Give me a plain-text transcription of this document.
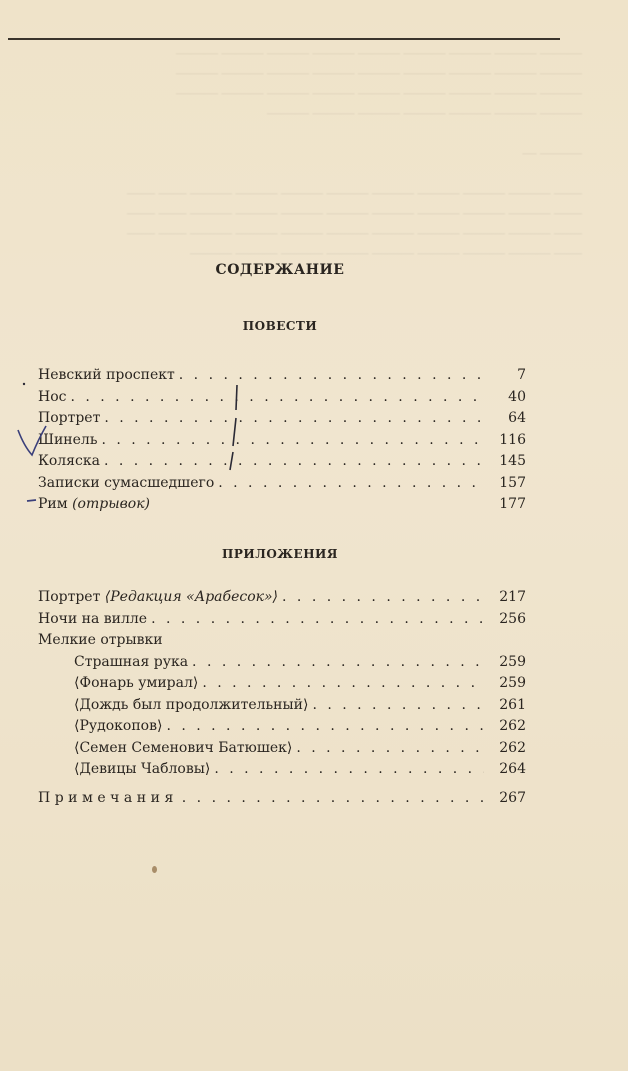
——— ——— ——— ——— ——— ——— ——— ——— ———
——— ——— ——— ——— ——— ——— ——— ——— ———
——— ——— ——— ——— ——— ——— ——— ——— ———
——— ——— ——— ——— ——— ——— ———

——— —

—— ——— ——— ——— ——— ——— ——— ——— ——— —— ——
—— ——— ——— ——— ——— ——— ——— ——— ——— —— ——
—— ——— ——— ——— ——— ——— ——— ——— ——— —— ——
—— ——— ——— ——— ——— ——— ——— ——— ———
СОДЕРЖАНИЕ
ПОВЕСТИ
Невский проспект . . .	7
Нос . . .	40
Портрет . . .	64
Шинель . . .	116
Коляска . . .	145
Записки сумасшедшего . . .	157
Рим (отрывок)	177
ПРИЛОЖЕНИЯ
Портрет ⟨Редакция «Арабесок»⟩ . . .	217
Ночи на вилле . . .	256
Мелкие отрывки
Страшная рука . . .	259
⟨Фонарь умирал⟩ . . .	259
⟨Дождь был продолжительный⟩ . . .	261
⟨Рудокопов⟩ . . .	262
⟨Семен Семенович Батюшек⟩ . . .	262
⟨Девицы Чабловы⟩ . . .	264
Примечания . . .	267
